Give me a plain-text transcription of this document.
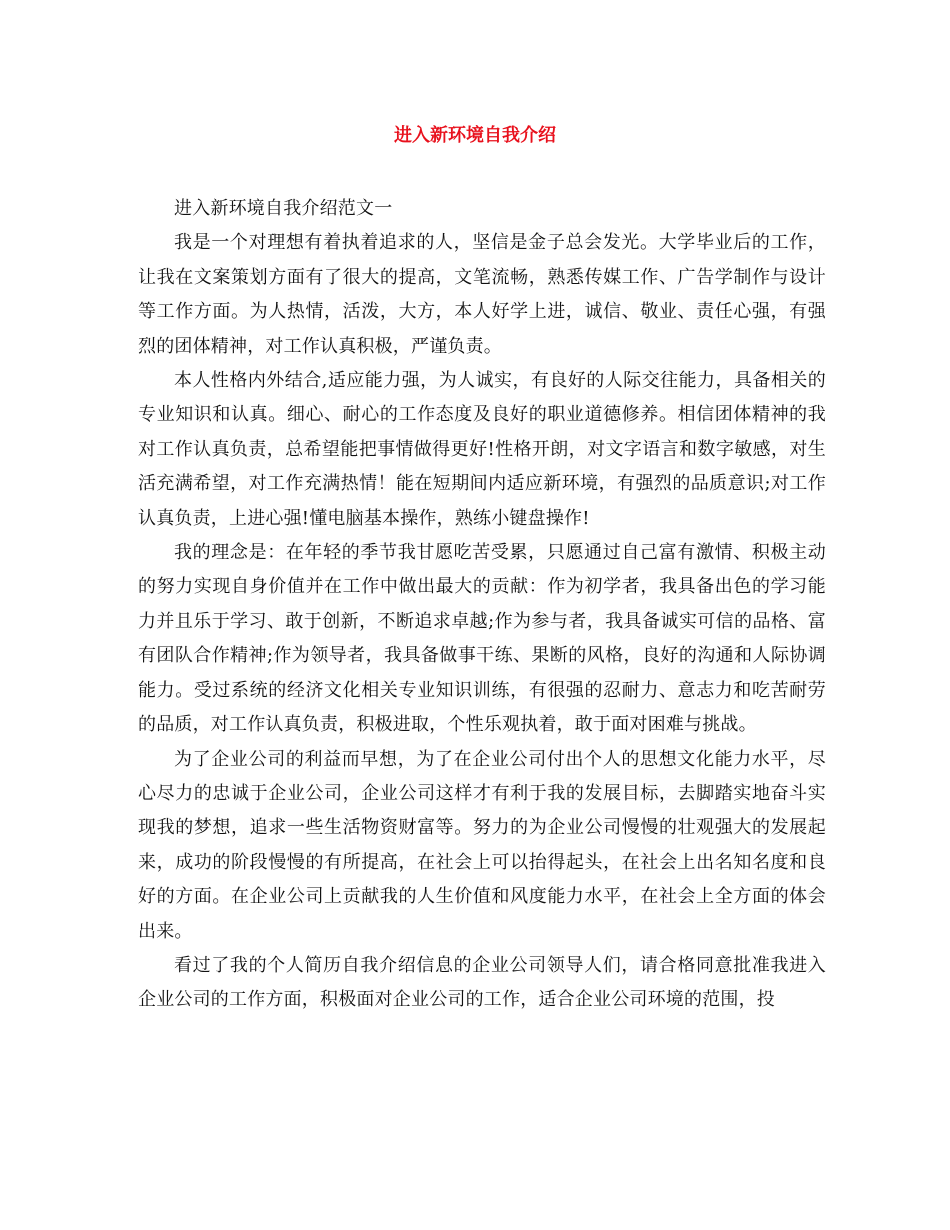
进入新环境自我介绍

进入新环境自我介绍范文一

我是一个对理想有着执着追求的人，坚信是金子总会发光。大学毕业后的工作，让我在文案策划方面有了很大的提高，文笔流畅，熟悉传媒工作、广告学制作与设计等工作方面。为人热情，活泼，大方，本人好学上进，诚信、敬业、责任心强，有强烈的团体精神，对工作认真积极，严谨负责。

本人性格内外结合,适应能力强，为人诚实，有良好的人际交往能力，具备相关的专业知识和认真。细心、耐心的工作态度及良好的职业道德修养。相信团体精神的我对工作认真负责，总希望能把事情做得更好!性格开朗，对文字语言和数字敏感，对生活充满希望，对工作充满热情！能在短期间内适应新环境，有强烈的品质意识;对工作认真负责，上进心强!懂电脑基本操作，熟练小键盘操作!

我的理念是：在年轻的季节我甘愿吃苦受累，只愿通过自己富有激情、积极主动的努力实现自身价值并在工作中做出最大的贡献：作为初学者，我具备出色的学习能力并且乐于学习、敢于创新，不断追求卓越;作为参与者，我具备诚实可信的品格、富有团队合作精神;作为领导者，我具备做事干练、果断的风格，良好的沟通和人际协调能力。受过系统的经济文化相关专业知识训练，有很强的忍耐力、意志力和吃苦耐劳的品质，对工作认真负责，积极进取，个性乐观执着，敢于面对困难与挑战。

为了企业公司的利益而早想，为了在企业公司付出个人的思想文化能力水平，尽心尽力的忠诚于企业公司，企业公司这样才有利于我的发展目标，去脚踏实地奋斗实现我的梦想，追求一些生活物资财富等。努力的为企业公司慢慢的壮观强大的发展起来，成功的阶段慢慢的有所提高，在社会上可以抬得起头，在社会上出名知名度和良好的方面。在企业公司上贡献我的人生价值和风度能力水平，在社会上全方面的体会出来。

看过了我的个人简历自我介绍信息的企业公司领导人们，请合格同意批准我进入企业公司的工作方面，积极面对企业公司的工作，适合企业公司环境的范围，投
